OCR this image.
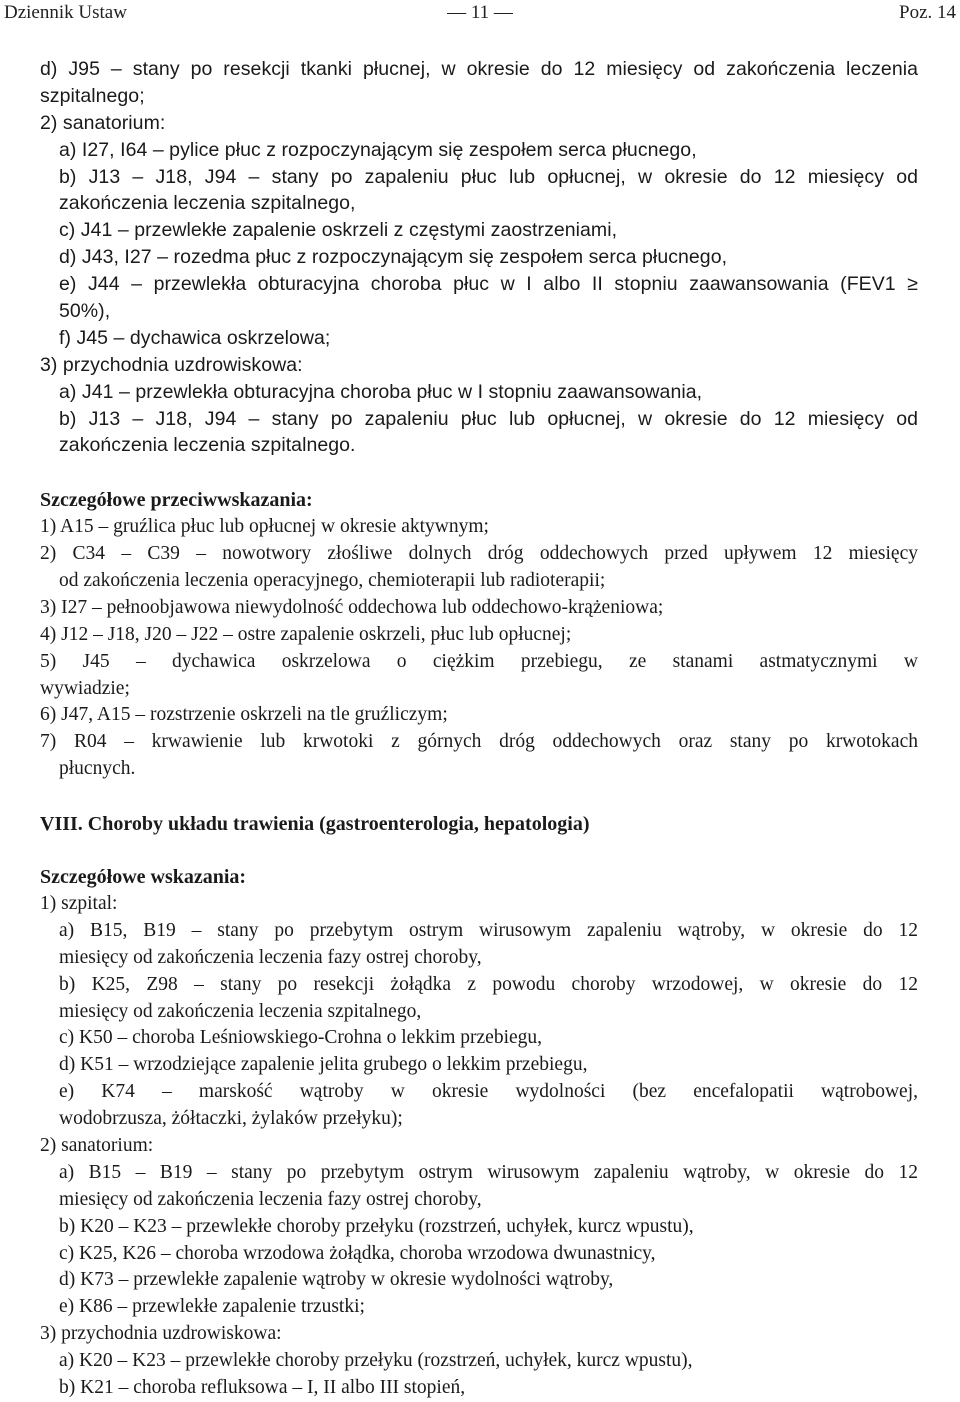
Dziennik Ustaw	— 11 —	Poz. 14
d) J95 – stany po resekcji tkanki płucnej, w okresie do 12 miesięcy od zakończenia leczenia
szpitalnego;
2) sanatorium:
a) I27, I64 – pylice płuc z rozpoczynającym się zespołem serca płucnego,
b) J13 – J18, J94 – stany po zapaleniu płuc lub opłucnej, w okresie do 12 miesięcy od
zakończenia leczenia szpitalnego,
c) J41 – przewlekłe zapalenie oskrzeli z częstymi zaostrzeniami,
d) J43, I27 – rozedma płuc z rozpoczynającym się zespołem serca płucnego,
e) J44 – przewlekła obturacyjna choroba płuc w I albo II stopniu zaawansowania (FEV1 ≥
50%),
f) J45 – dychawica oskrzelowa;
3) przychodnia uzdrowiskowa:
a) J41 – przewlekła obturacyjna choroba płuc w I stopniu zaawansowania,
b) J13 – J18, J94 – stany po zapaleniu płuc lub opłucnej, w okresie do 12 miesięcy od
zakończenia leczenia szpitalnego.
Szczegółowe przeciwwskazania:
1) A15 – gruźlica płuc lub opłucnej w okresie aktywnym;
2) C34 – C39 – nowotwory złośliwe dolnych dróg oddechowych przed upływem 12 miesięcy
od zakończenia leczenia operacyjnego, chemioterapii lub radioterapii;
3) I27 – pełnoobjawowa niewydolność oddechowa lub oddechowo-krążeniowa;
4) J12 – J18, J20 – J22 – ostre zapalenie oskrzeli, płuc lub opłucnej;
5) J45 – dychawica oskrzelowa o ciężkim przebiegu, ze stanami astmatycznymi w
wywiadzie;
6) J47, A15 – rozstrzenie oskrzeli na tle gruźliczym;
7) R04 – krwawienie lub krwotoki z górnych dróg oddechowych oraz stany po krwotokach
płucnych.
VIII. Choroby układu trawienia (gastroenterologia, hepatologia)
Szczegółowe wskazania:
1) szpital:
a) B15, B19 – stany po przebytym ostrym wirusowym zapaleniu wątroby, w okresie do 12
miesięcy od zakończenia leczenia fazy ostrej choroby,
b) K25, Z98 – stany po resekcji żołądka z powodu choroby wrzodowej, w okresie do 12
miesięcy od zakończenia leczenia szpitalnego,
c) K50 – choroba Leśniowskiego-Crohna o lekkim przebiegu,
d) K51 – wrzodziejące zapalenie jelita grubego o lekkim przebiegu,
e) K74 – marskość wątroby w okresie wydolności (bez encefalopatii wątrobowej,
wodobrzusza, żółtaczki, żylaków przełyku);
2) sanatorium:
a) B15 – B19 – stany po przebytym ostrym wirusowym zapaleniu wątroby, w okresie do 12
miesięcy od zakończenia leczenia fazy ostrej choroby,
b) K20 – K23 – przewlekłe choroby przełyku (rozstrzeń, uchyłek, kurcz wpustu),
c) K25, K26 – choroba wrzodowa żołądka, choroba wrzodowa dwunastnicy,
d) K73 – przewlekłe zapalenie wątroby w okresie wydolności wątroby,
e) K86 – przewlekłe zapalenie trzustki;
3) przychodnia uzdrowiskowa:
a) K20 – K23 – przewlekłe choroby przełyku (rozstrzeń, uchyłek, kurcz wpustu),
b) K21 – choroba refluksowa – I, II albo III stopień,
